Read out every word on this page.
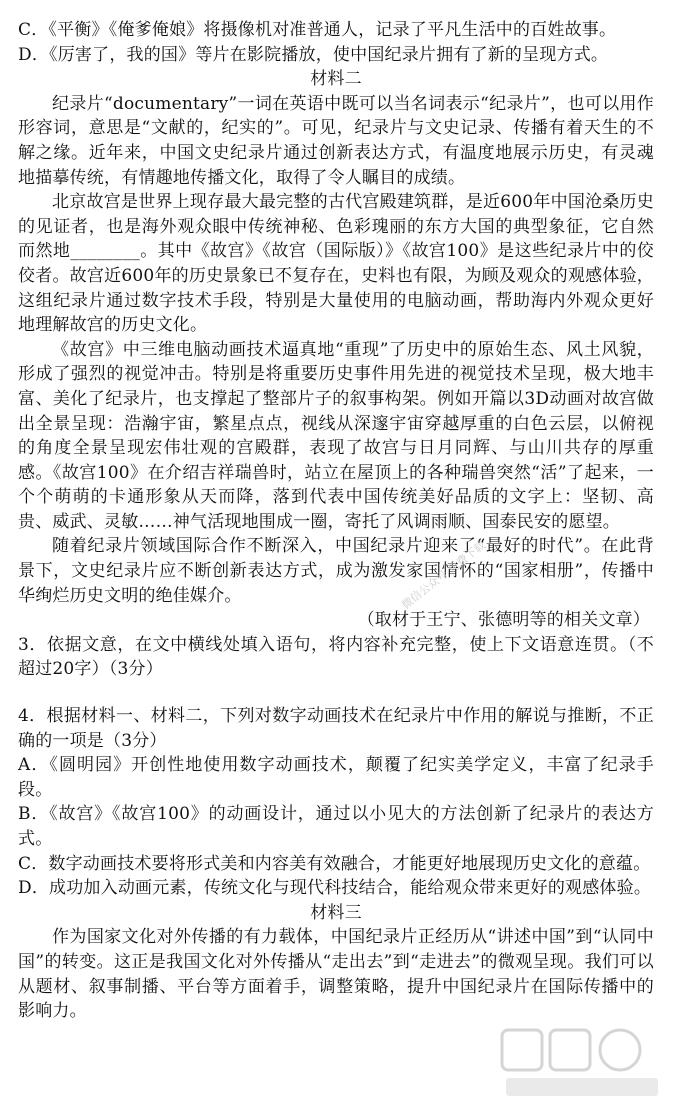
C．《平衡》《俺爹俺娘》将摄像机对准普通人，记录了平凡生活中的百姓故事。

D．《厉害了，我的国》等片在影院播放，使中国纪录片拥有了新的呈现方式。

材料二

纪录片“documentary”一词在英语中既可以当名词表示“纪录片”，也可以用作形容词，意思是“文献的，纪实的”。可见，纪录片与文史记录、传播有着天生的不解之缘。近年来，中国文史纪录片通过创新表达方式，有温度地展示历史，有灵魂地描摹传统，有情趣地传播文化，取得了令人瞩目的成绩。

北京故宫是世界上现存最大最完整的古代宫殿建筑群，是近600年中国沧桑历史的见证者，也是海外观众眼中传统神秘、色彩瑰丽的东方大国的典型象征，它自然而然地________。其中《故宫》《故宫（国际版）》《故宫100》是这些纪录片中的佼佼者。故宫近600年的历史景象已不复存在，史料也有限，为顾及观众的观感体验，这组纪录片通过数字技术手段，特别是大量使用的电脑动画，帮助海内外观众更好地理解故宫的历史文化。

《故宫》中三维电脑动画技术逼真地“重现”了历史中的原始生态、风土风貌，形成了强烈的视觉冲击。特别是将重要历史事件用先进的视觉技术呈现，极大地丰富、美化了纪录片，也支撑起了整部片子的叙事构架。例如开篇以3D动画对故宫做出全景呈现：浩瀚宇宙，繁星点点，视线从深邃宇宙穿越厚重的白色云层，以俯视的角度全景呈现宏伟壮观的宫殿群，表现了故宫与日月同辉、与山川共存的厚重感。《故宫100》在介绍吉祥瑞兽时，站立在屋顶上的各种瑞兽突然“活”了起来，一个个萌萌的卡通形象从天而降，落到代表中国传统美好品质的文字上：坚韧、高贵、威武、灵敏……神气活现地围成一圈，寄托了风调雨顺、国泰民安的愿望。

随着纪录片领域国际合作不断深入，中国纪录片迎来了“最好的时代”。在此背景下，文史纪录片应不断创新表达方式，成为激发家国情怀的“国家相册”，传播中华绚烂历史文明的绝佳媒介。

（取材于王宁、张德明等的相关文章）

3．依据文意，在文中横线处填入语句，将内容补充完整，使上下文语意连贯。（不超过20字）（3分）

4．根据材料一、材料二，下列对数字动画技术在纪录片中作用的解说与推断，不正确的一项是（3分）

A．《圆明园》开创性地使用数字动画技术，颠覆了纪实美学定义，丰富了纪录手段。

B．《故宫》《故宫100》的动画设计，通过以小见大的方法创新了纪录片的表达方式。

C．数字动画技术要将形式美和内容美有效融合，才能更好地展现历史文化的意蕴。

D．成功加入动画元素，传统文化与现代科技结合，能给观众带来更好的观感体验。

材料三

作为国家文化对外传播的有力载体，中国纪录片正经历从“讲述中国”到“认同中国”的转变。这正是我国文化对外传播从“走出去”到“走进去”的微观呈现。我们可以从题材、叙事制播、平台等方面着手，调整策略，提升中国纪录片在国际传播中的影响力。

微信公众号 免费下载
